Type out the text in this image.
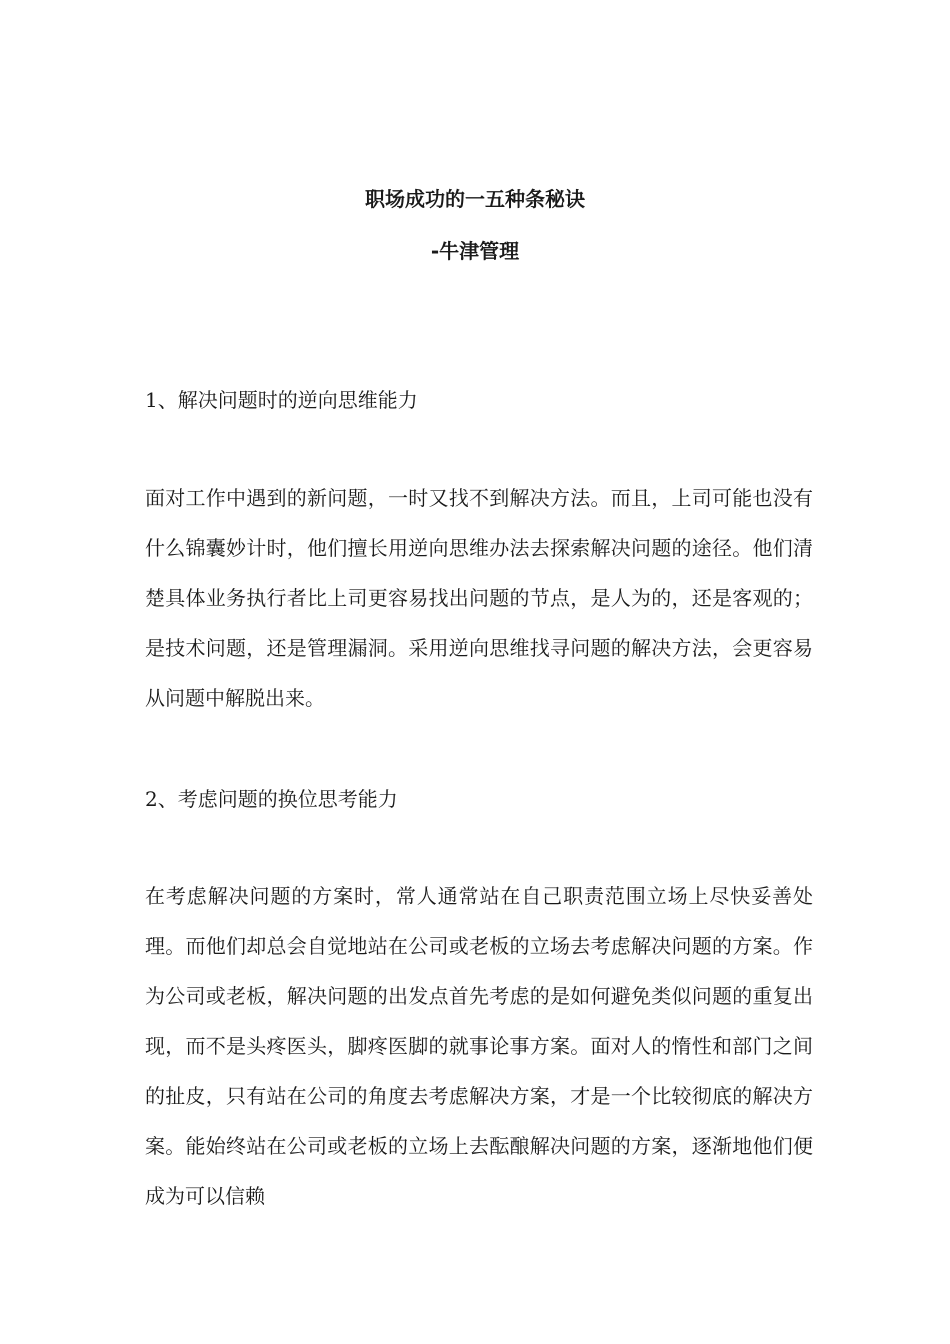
职场成功的一五种条秘诀
-牛津管理
1、解决问题时的逆向思维能力

面对工作中遇到的新问题，一时又找不到解决方法。而且，上司可能也没有什么锦囊妙计时，他们擅长用逆向思维办法去探索解决问题的途径。他们清楚具体业务执行者比上司更容易找出问题的节点，是人为的，还是客观的；是技术问题，还是管理漏洞。采用逆向思维找寻问题的解决方法，会更容易从问题中解脱出来。

2、考虑问题的换位思考能力

在考虑解决问题的方案时，常人通常站在自己职责范围立场上尽快妥善处理。而他们却总会自觉地站在公司或老板的立场去考虑解决问题的方案。作为公司或老板，解决问题的出发点首先考虑的是如何避免类似问题的重复出现，而不是头疼医头，脚疼医脚的就事论事方案。面对人的惰性和部门之间的扯皮，只有站在公司的角度去考虑解决方案，才是一个比较彻底的解决方案。能始终站在公司或老板的立场上去酝酿解决问题的方案，逐渐地他们便成为可以信赖
